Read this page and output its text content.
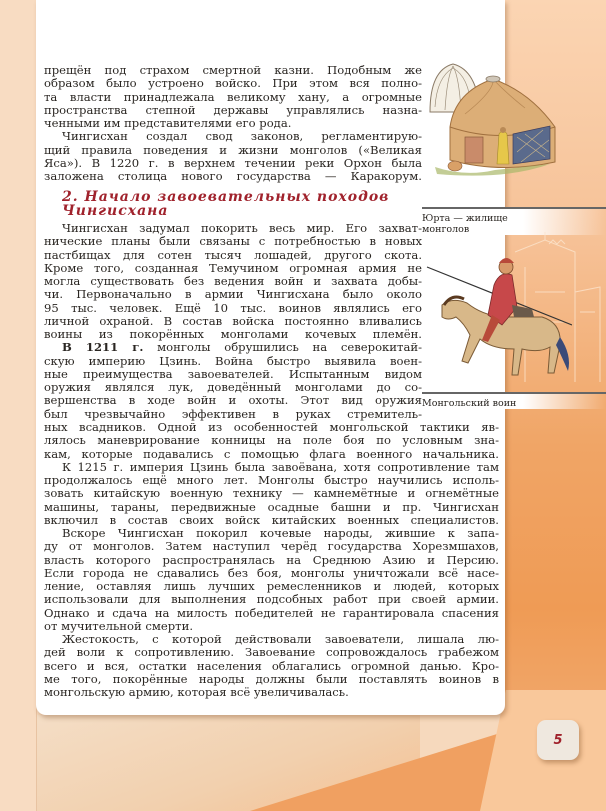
прещён под страхом смертной казни. Подобным же
образом было устроено войско. При этом вся полно-
та власти принадлежала великому хану, а огромные
пространства степной державы управлялись назна-
ченными им представителями его рода.
Чингисхан создал свод законов, регламентирую-
щий правила поведения и жизни монголов («Великая
Яса»). В 1220 г. в верхнем течении реки Орхон была
заложена столица нового государства — Каракорум.
2. Начало завоевательных походов
Чингисхана
Чингисхан задумал покорить весь мир. Его захват-
нические планы были связаны с потребностью в новых
пастбищах для сотен тысяч лошадей, другого скота.
Кроме того, созданная Темучином огромная армия не
могла существовать без ведения войн и захвата добы-
чи. Первоначально в армии Чингисхана было около
95 тыс. человек. Ещё 10 тыс. воинов являлись его
личной охраной. В состав войска постоянно вливались
воины из покорённых монголами кочевых племён.
В 1211 г. монголы обрушились на северокитай-
скую империю Цзинь. Война быстро выявила воен-
ные преимущества завоевателей. Испытанным видом
оружия являлся лук, доведённый монголами до со-
вершенства в ходе войн и охоты. Этот вид оружия
был чрезвычайно эффективен в руках стремитель-
ных всадников. Одной из особенностей монгольской тактики яв-
лялось маневрирование конницы на поле боя по условным зна-
кам, которые подавались с помощью флага военного начальника.
К 1215 г. империя Цзинь была завоёвана, хотя сопротивление там
продолжалось ещё много лет. Монголы быстро научились исполь-
зовать китайскую военную технику — камнемётные и огнемётные
машины, тараны, передвижные осадные башни и пр. Чингисхан
включил в состав своих войск китайских военных специалистов.
Вскоре Чингисхан покорил кочевые народы, жившие к запа-
ду от монголов. Затем наступил черёд государства Хорезмшахов,
власть которого распространялась на Среднюю Азию и Персию.
Если города не сдавались без боя, монголы уничтожали всё насе-
ление, оставляя лишь лучших ремесленников и людей, которых
использовали для выполнения подсобных работ при своей армии.
Однако и сдача на милость победителей не гарантировала спасения
от мучительной смерти.
Жестокость, с которой действовали завоеватели, лишала лю-
дей воли к сопротивлению. Завоевание сопровождалось грабежом
всего и вся, остатки населения облагались огромной данью. Кро-
ме того, покорённые народы должны были поставлять воинов в
монгольскую армию, которая всё увеличивалась.
Юрта — жилище
монголов
Монгольский воин
5
